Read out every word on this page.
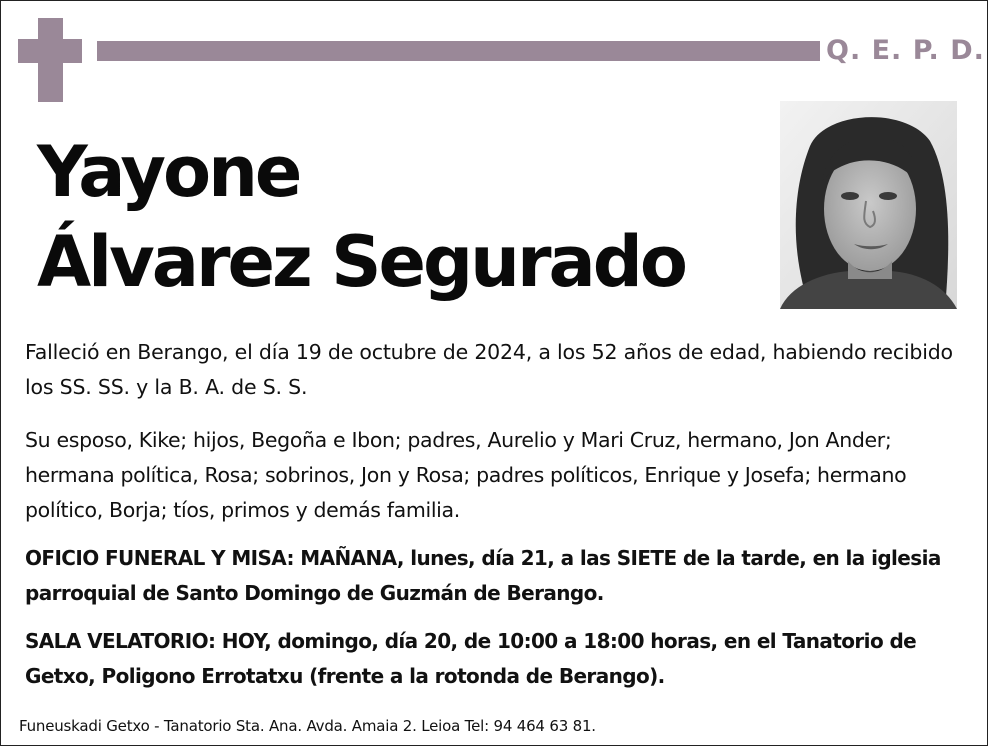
Q. E. P. D.
Yayone
Álvarez Segurado
Falleció en Berango, el día 19 de octubre de 2024, a los 52 años de edad, habiendo recibido los SS. SS. y la B. A. de S. S.
Su esposo, Kike; hijos, Begoña e Ibon; padres, Aurelio y Mari Cruz, hermano, Jon Ander; hermana política, Rosa; sobrinos, Jon y Rosa; padres políticos, Enrique y Josefa; hermano político, Borja; tíos, primos y demás familia.
OFICIO FUNERAL Y MISA: MAÑANA, lunes, día 21, a las SIETE de la tarde, en la iglesia parroquial de Santo Domingo de Guzmán de Berango.
SALA VELATORIO: HOY, domingo, día 20, de 10:00 a 18:00 horas, en el Tanatorio de Getxo, Poligono Errotatxu (frente a la rotonda de Berango).
Funeuskadi Getxo - Tanatorio Sta. Ana. Avda. Amaia 2. Leioa Tel: 94 464 63 81.
